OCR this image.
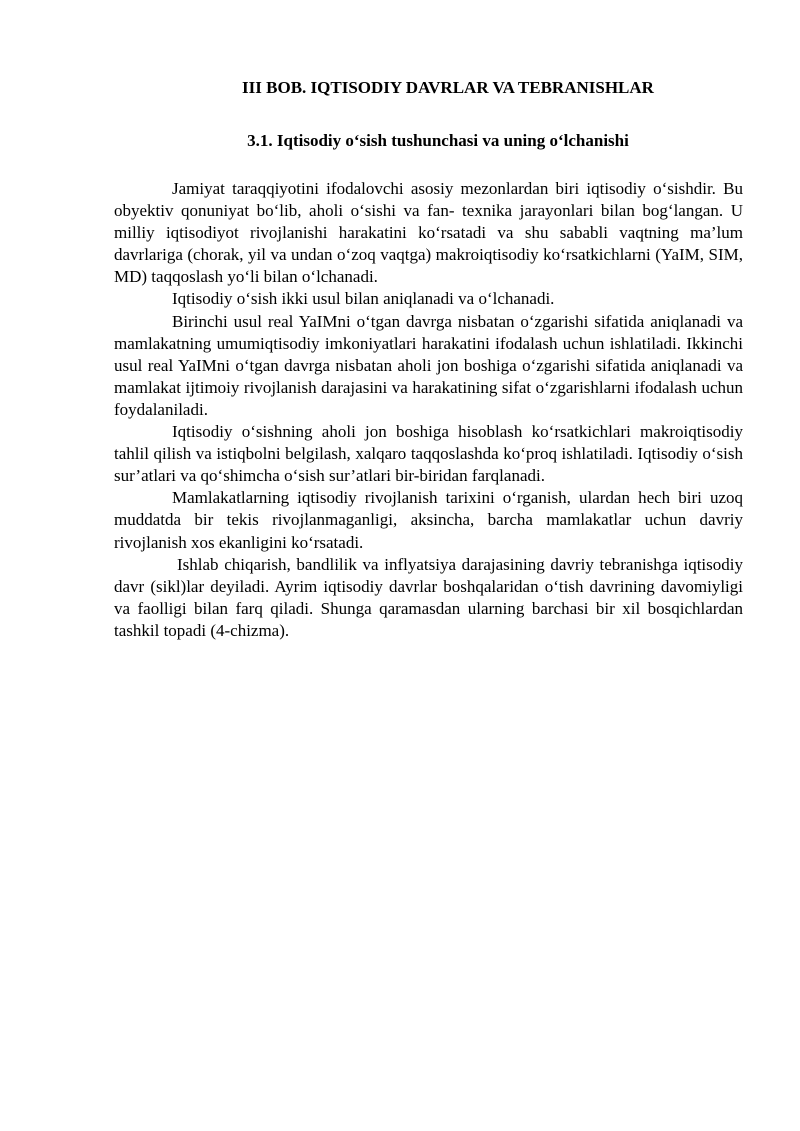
III BOB. IQTISODIY DAVRLAR VA TEBRANISHLAR
3.1. Iqtisodiy o‘sish tushunchasi va uning o‘lchanishi

Jamiyat taraqqiyotini ifodalovchi asosiy mezonlardan biri iqtisodiy o‘sishdir. Bu obyektiv qonuniyat bo‘lib, aholi o‘sishi va fan- texnika jarayonlari bilan bog‘langan. U milliy iqtisodiyot rivojlanishi harakatini ko‘rsatadi va shu sababli vaqtning ma’lum davrlariga (chorak, yil va undan o‘zoq vaqtga) makroiqtisodiy ko‘rsatkichlarni (YaIM, SIM, MD) taqqoslash yo‘li bilan o‘lchanadi.

Iqtisodiy o‘sish ikki usul bilan aniqlanadi va o‘lchanadi.

Birinchi usul real YaIMni o‘tgan davrga nisbatan o‘zgarishi sifatida aniqlanadi va mamlakatning umumiqtisodiy imkoniyatlari harakatini ifodalash uchun ishlatiladi. Ikkinchi usul real YaIMni o‘tgan davrga nisbatan aholi jon boshiga o‘zgarishi sifatida aniqlanadi va mamlakat ijtimoiy rivojlanish darajasini va harakatining sifat o‘zgarishlarni ifodalash uchun foydalaniladi.

Iqtisodiy o‘sishning aholi jon boshiga hisoblash ko‘rsatkichlari makroiqtisodiy tahlil qilish va istiqbolni belgilash, xalqaro taqqoslashda ko‘proq ishlatiladi. Iqtisodiy o‘sish sur’atlari va qo‘shimcha o‘sish sur’atlari bir-biridan farqlanadi.

Mamlakatlarning iqtisodiy rivojlanish tarixini o‘rganish, ulardan hech biri uzoq muddatda bir tekis rivojlanmaganligi, aksincha, barcha mamlakatlar uchun davriy rivojlanish xos ekanligini ko‘rsatadi.

Ishlab chiqarish, bandlilik va inflyatsiya darajasining davriy tebranishga iqtisodiy davr (sikl)lar deyiladi. Ayrim iqtisodiy davrlar boshqalaridan o‘tish davrining davomiyligi va faolligi bilan farq qiladi. Shunga qaramasdan ularning barchasi bir xil bosqichlardan tashkil topadi (4-chizma).
